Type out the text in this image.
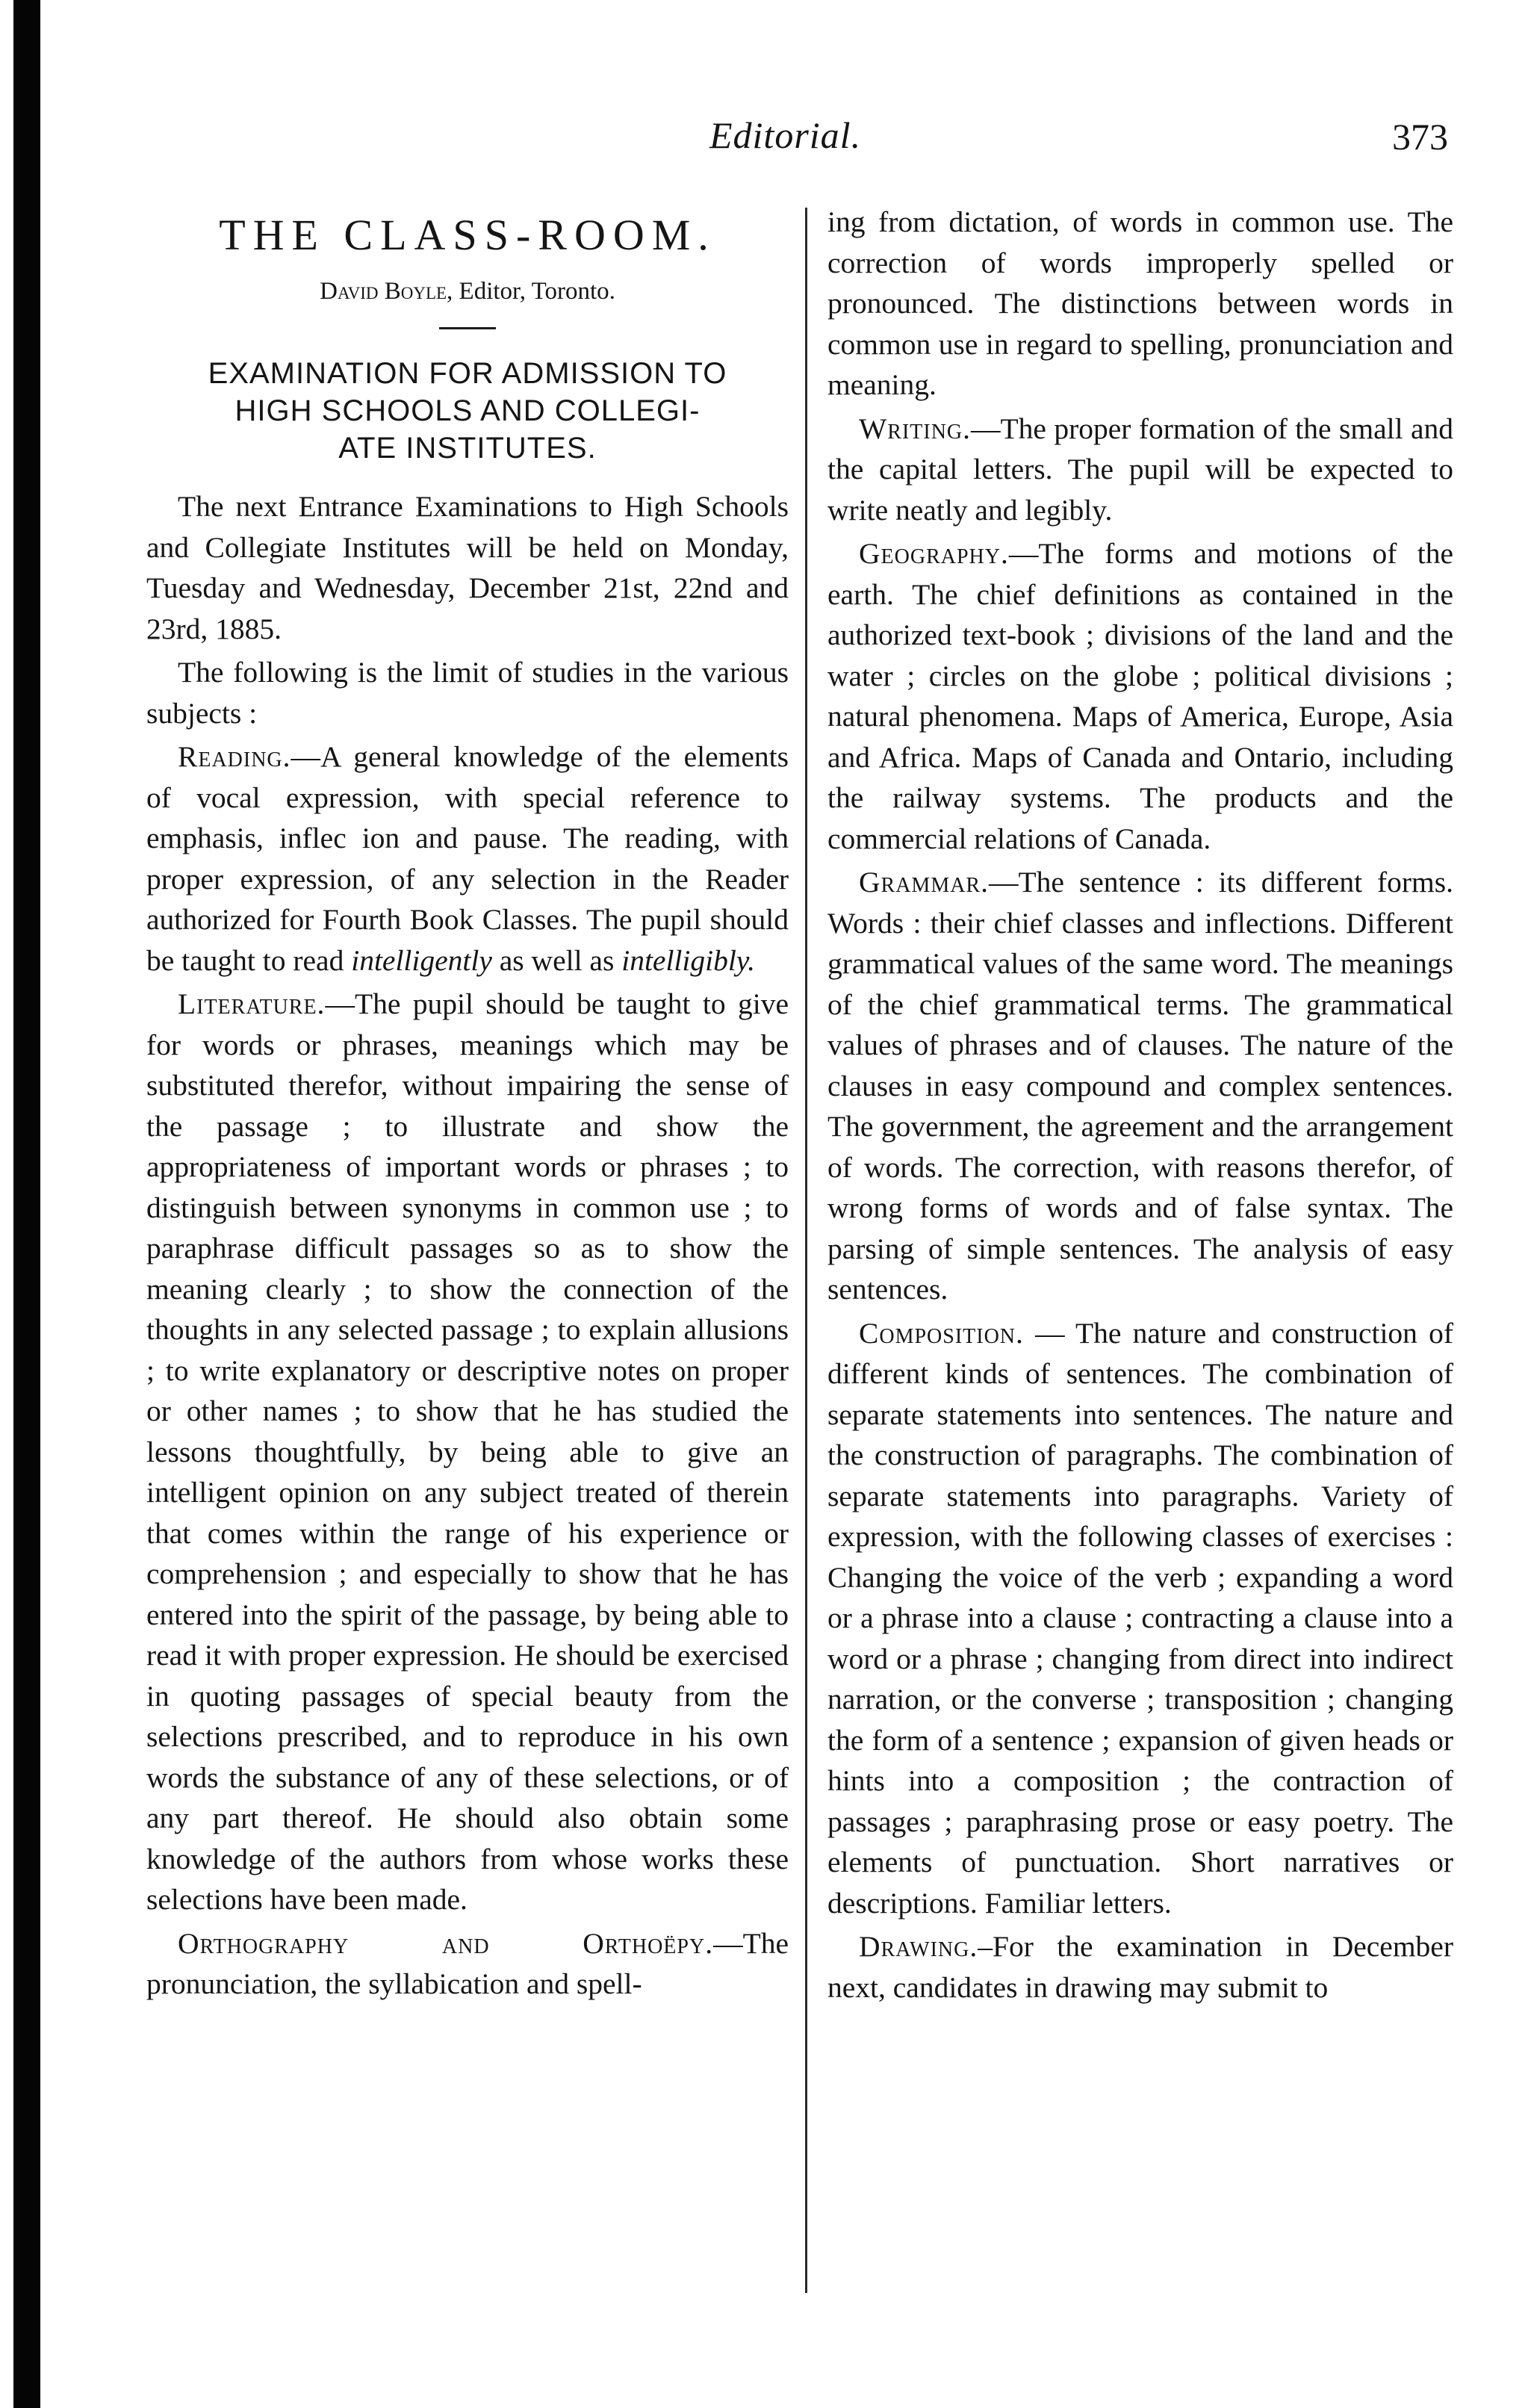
Editorial.	373
THE CLASS-ROOM.
David Boyle, Editor, Toronto.
EXAMINATION FOR ADMISSION TO
HIGH SCHOOLS AND COLLEGI-
ATE INSTITUTES.

The next Entrance Examinations to High Schools and Collegiate Institutes will be held on Monday, Tuesday and Wednesday, December 21st, 22nd and 23rd, 1885.

The following is the limit of studies in the various subjects :

Reading.—A general knowledge of the elements of vocal expression, with special reference to emphasis, inflec ion and pause. The reading, with proper expression, of any selection in the Reader authorized for Fourth Book Classes. The pupil should be taught to read intelligently as well as intelligibly.

Literature.—The pupil should be taught to give for words or phrases, meanings which may be substituted therefor, without impairing the sense of the passage ; to illustrate and show the appropriateness of important words or phrases ; to distinguish between synonyms in common use ; to paraphrase difficult passages so as to show the meaning clearly ; to show the connection of the thoughts in any selected passage ; to explain allusions ; to write explanatory or descriptive notes on proper or other names ; to show that he has studied the lessons thoughtfully, by being able to give an intelligent opinion on any subject treated of therein that comes within the range of his experience or comprehension ; and especially to show that he has entered into the spirit of the passage, by being able to read it with proper expression. He should be exercised in quoting passages of special beauty from the selections prescribed, and to reproduce in his own words the substance of any of these selections, or of any part thereof. He should also obtain some knowledge of the authors from whose works these selections have been made.

Orthography and Orthoëpy.—The pronunciation, the syllabication and spell-

ing from dictation, of words in common use. The correction of words improperly spelled or pronounced. The distinctions between words in common use in regard to spelling, pronunciation and meaning.

Writing.—The proper formation of the small and the capital letters. The pupil will be expected to write neatly and legibly.

Geography.—The forms and motions of the earth. The chief definitions as contained in the authorized text-book ; divisions of the land and the water ; circles on the globe ; political divisions ; natural phenomena. Maps of America, Europe, Asia and Africa. Maps of Canada and Ontario, including the railway systems. The products and the commercial relations of Canada.

Grammar.—The sentence : its different forms. Words : their chief classes and inflections. Different grammatical values of the same word. The meanings of the chief grammatical terms. The grammatical values of phrases and of clauses. The nature of the clauses in easy compound and complex sentences. The government, the agreement and the arrangement of words. The correction, with reasons therefor, of wrong forms of words and of false syntax. The parsing of simple sentences. The analysis of easy sentences.

Composition. — The nature and construction of different kinds of sentences. The combination of separate statements into sentences. The nature and the construction of paragraphs. The combination of separate statements into paragraphs. Variety of expression, with the following classes of exercises : Changing the voice of the verb ; expanding a word or a phrase into a clause ; contracting a clause into a word or a phrase ; changing from direct into indirect narration, or the converse ; transposition ; changing the form of a sentence ; expansion of given heads or hints into a composition ; the contraction of passages ; paraphrasing prose or easy poetry. The elements of punctuation. Short narratives or descriptions. Familiar letters.

Drawing.–For the examination in December next, candidates in drawing may submit to
